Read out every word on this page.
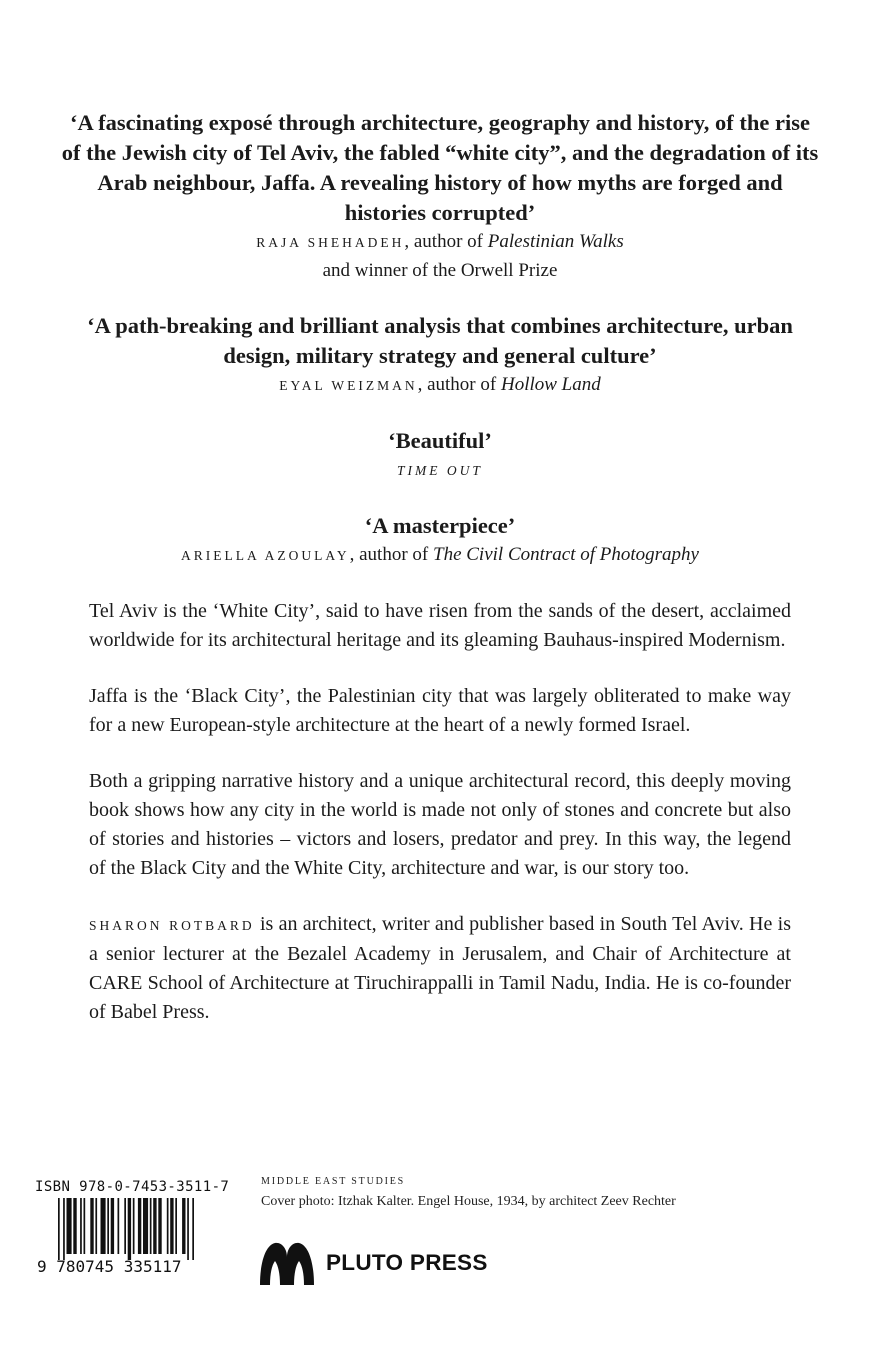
‘A fascinating exposé through architecture, geography and history, of the rise of the Jewish city of Tel Aviv, the fabled “white city”, and the degradation of its Arab neighbour, Jaffa. A revealing history of how myths are forged and histories corrupted’

RAJA SHEHADEH, author of Palestinian Walks

and winner of the Orwell Prize

‘A path-breaking and brilliant analysis that combines architecture, urban design, military strategy and general culture’

EYAL WEIZMAN, author of Hollow Land

‘Beautiful’

TIME OUT

‘A masterpiece’

ARIELLA AZOULAY, author of The Civil Contract of Photography

Tel Aviv is the ‘White City’, said to have risen from the sands of the desert, acclaimed worldwide for its architectural heritage and its gleaming Bauhaus-inspired Modernism.

Jaffa is the ‘Black City’, the Palestinian city that was largely obliterated to make way for a new European-style architecture at the heart of a newly formed Israel.

Both a gripping narrative history and a unique architectural record, this deeply moving book shows how any city in the world is made not only of stones and concrete but also of stories and histories – victors and losers, predator and prey. In this way, the legend of the Black City and the White City, architecture and war, is our story too.

SHARON ROTBARD is an architect, writer and publisher based in South Tel Aviv. He is a senior lecturer at the Bezalel Academy in Jerusalem, and Chair of Architecture at CARE School of Architecture at Tiruchirappalli in Tamil Nadu, India. He is co-founder of Babel Press.

ISBN 978-0-7453-3511-7
9 780745 335117
MIDDLE EAST STUDIES
Cover photo: Itzhak Kalter. Engel House, 1934, by architect Zeev Rechter
PLUTO PRESS
